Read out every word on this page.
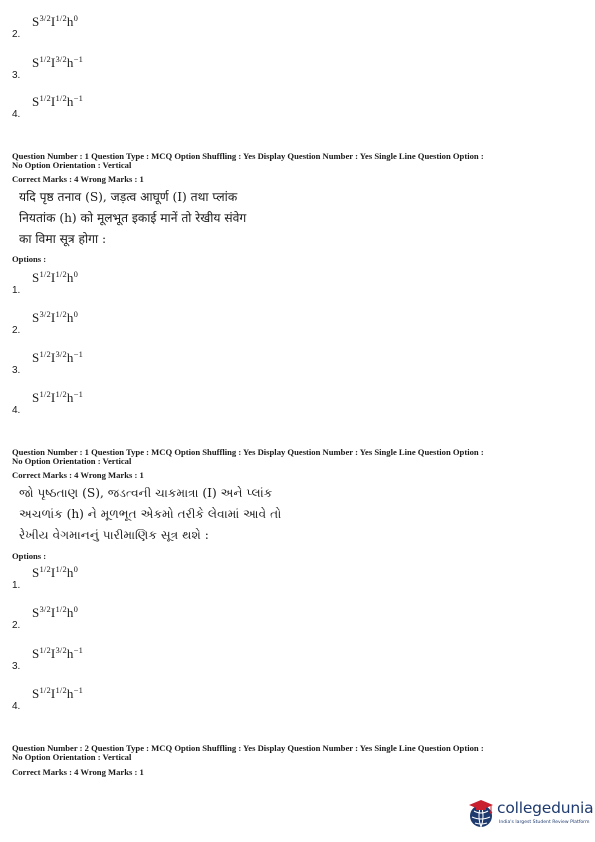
2.
$S^{3/2}I^{1/2}h^0$
3.
$S^{1/2}I^{3/2}h^{-1}$
4.
$S^{1/2}I^{1/2}h^{-1}$
Question Number : 1 Question Type : MCQ Option Shuffling : Yes Display Question Number : Yes Single Line Question Option :
No Option Orientation : Vertical
Correct Marks : 4 Wrong Marks : 1
यदि पृष्ठ तनाव (S), जड़त्व आघूर्ण (I) तथा प्लांक
नियतांक (h) को मूलभूत इकाई मानें तो रेखीय संवेग
का विमा सूत्र होगा :
Options :
1.
$S^{1/2}I^{1/2}h^0$
2.
$S^{3/2}I^{1/2}h^0$
3.
$S^{1/2}I^{3/2}h^{-1}$
4.
$S^{1/2}I^{1/2}h^{-1}$
Question Number : 1 Question Type : MCQ Option Shuffling : Yes Display Question Number : Yes Single Line Question Option :
No Option Orientation : Vertical
Correct Marks : 4 Wrong Marks : 1
જો પૃષ્ઠતાણ (S), જડત્વની ચાકમાત્રા (I) અને પ્લાંક
અચળાંક (h) ને મૂળભૂત એકમો તરીકે લેવામાં આવે તો
રેખીય વેગમાનનું પારીમાણિક સૂત્ર થશે :
Options :
1.
$S^{1/2}I^{1/2}h^0$
2.
$S^{3/2}I^{1/2}h^0$
3.
$S^{1/2}I^{3/2}h^{-1}$
4.
$S^{1/2}I^{1/2}h^{-1}$
Question Number : 2 Question Type : MCQ Option Shuffling : Yes Display Question Number : Yes Single Line Question Option :
No Option Orientation : Vertical
Correct Marks : 4 Wrong Marks : 1
collegedunia
India's largest Student Review Platform
